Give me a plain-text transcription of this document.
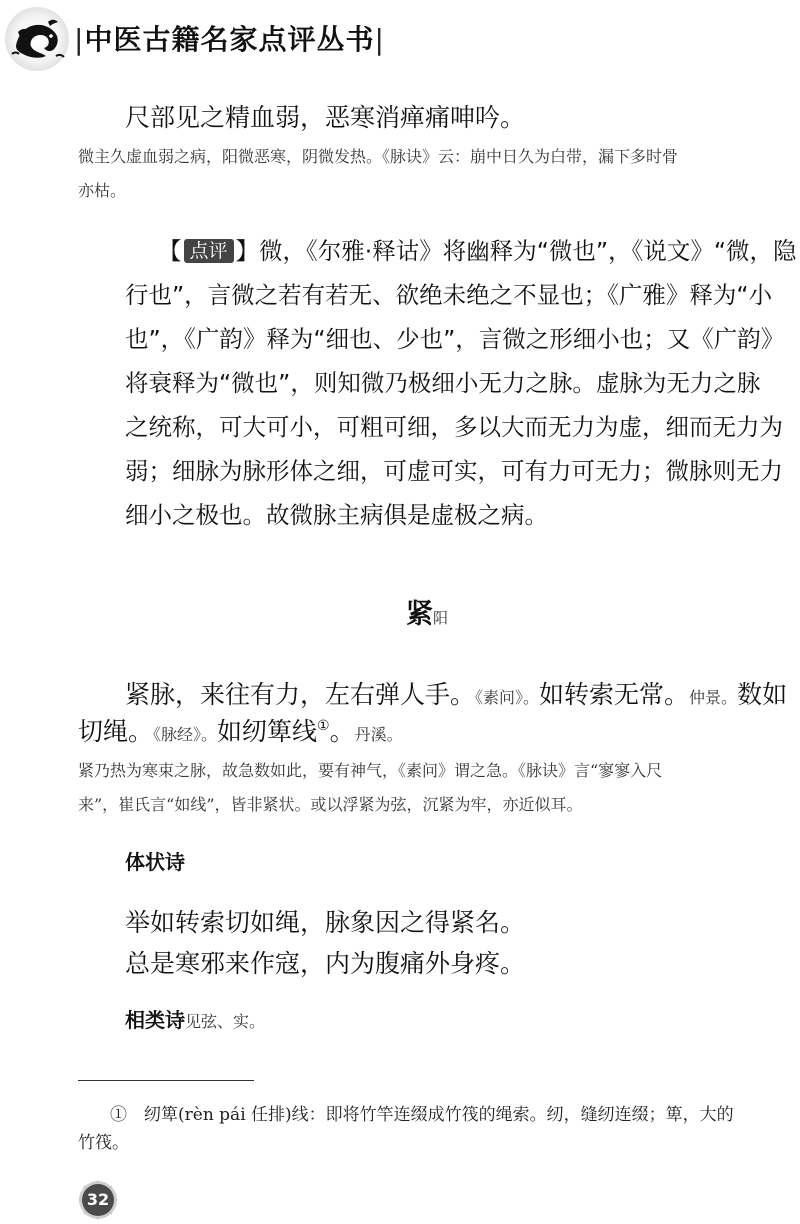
|中医古籍名家点评丛书|
尺部见之精血弱，恶寒消瘅痛呻吟。
微主久虚血弱之病，阳微恶寒，阴微发热。《脉诀》云：崩中日久为白带，漏下多时骨
亦枯。
【 点评 】微，《尔雅·释诂》将幽释为“微也”，《说文》“微，隐
行也”，言微之若有若无、欲绝未绝之不显也；《广雅》释为“小
也”，《广韵》释为“细也、少也”，言微之形细小也；又《广韵》
将衰释为“微也”，则知微乃极细小无力之脉。虚脉为无力之脉
之统称，可大可小，可粗可细，多以大而无力为虚，细而无力为
弱；细脉为脉形体之细，可虚可实，可有力可无力；微脉则无力
细小之极也。故微脉主病俱是虚极之病。
紧阳
紧脉，来往有力，左右弹人手。《素问》。如转索无常。仲景。数如
切绳。《脉经》。如纫箄线①。丹溪。
紧乃热为寒束之脉，故急数如此，要有神气，《素问》谓之急。《脉诀》言“寥寥入尺
来”，崔氏言“如线”，皆非紧状。或以浮紧为弦，沉紧为牢，亦近似耳。
体状诗
举如转索切如绳，脉象因之得紧名。
总是寒邪来作寇，内为腹痛外身疼。
相类诗见弦、实。
①　纫箄(rèn pái 任排)线：即将竹竿连缀成竹筏的绳索。纫，缝纫连缀；箄，大的
竹筏。
32
